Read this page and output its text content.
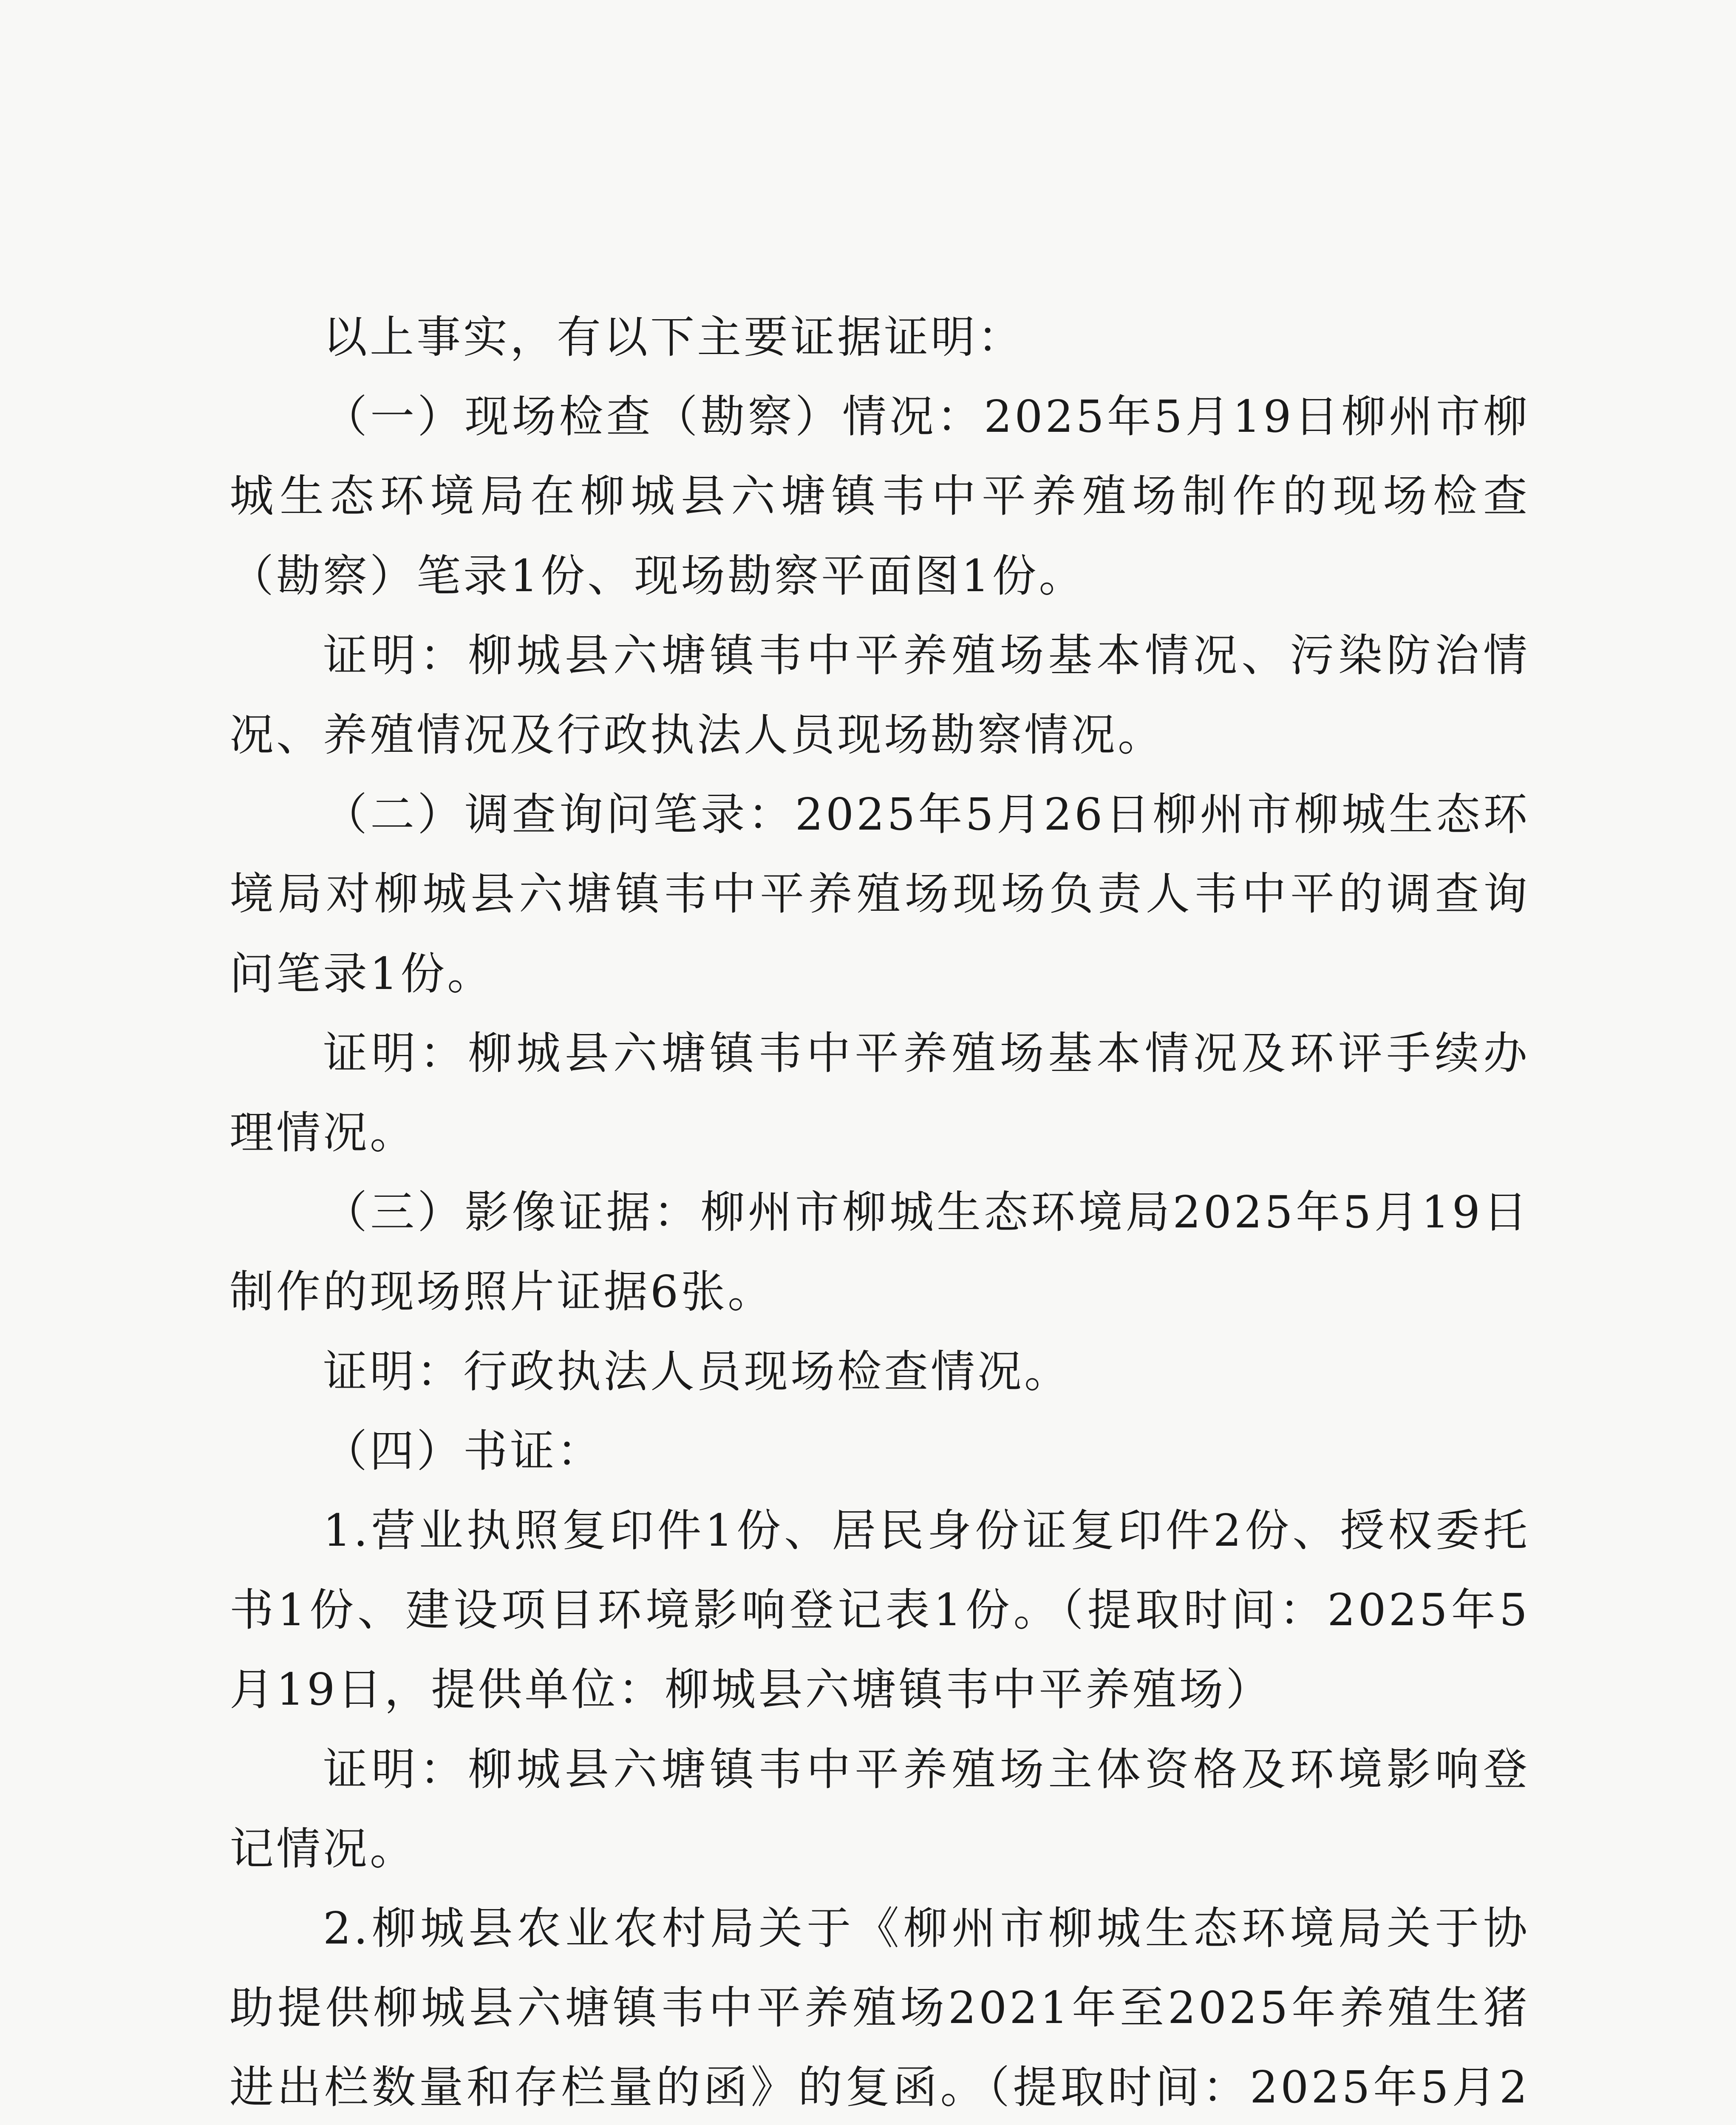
以上事实，有以下主要证据证明：

（一）现场检查（勘察）情况：2025年5月19日柳州市柳城生态环境局在柳城县六塘镇韦中平养殖场制作的现场检查（勘察）笔录1份、现场勘察平面图1份。

证明：柳城县六塘镇韦中平养殖场基本情况、污染防治情况、养殖情况及行政执法人员现场勘察情况。

（二）调查询问笔录：2025年5月26日柳州市柳城生态环境局对柳城县六塘镇韦中平养殖场现场负责人韦中平的调查询问笔录1份。

证明：柳城县六塘镇韦中平养殖场基本情况及环评手续办理情况。

（三）影像证据：柳州市柳城生态环境局2025年5月19日制作的现场照片证据6张。

证明：行政执法人员现场检查情况。

（四）书证：

1.营业执照复印件1份、居民身份证复印件2份、授权委托书1份、建设项目环境影响登记表1份。（提取时间：2025年5月19日，提供单位：柳城县六塘镇韦中平养殖场）

证明：柳城县六塘镇韦中平养殖场主体资格及环境影响登记情况。

2.柳城县农业农村局关于《柳州市柳城生态环境局关于协助提供柳城县六塘镇韦中平养殖场2021年至2025年养殖生猪进出栏数量和存栏量的函》的复函。（提取时间：2025年5月2
